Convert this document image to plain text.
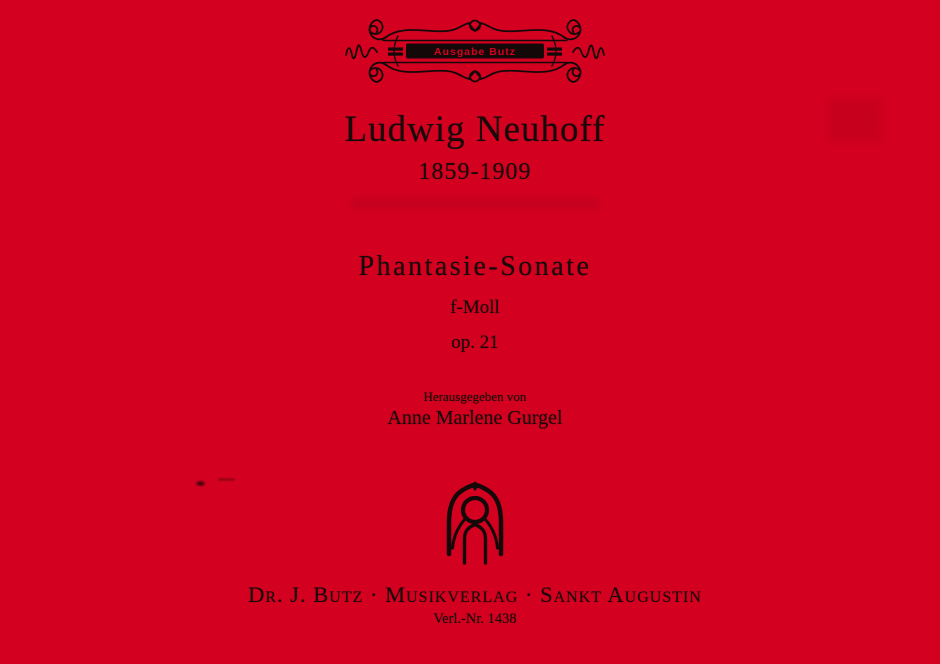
Ausgabe Butz
Ludwig Neuhoff
1859-1909
Phantasie-Sonate
f-Moll
op. 21
Herausgegeben von
Anne Marlene Gurgel
Dr. J. Butz · Musikverlag · Sankt Augustin
Verl.-Nr. 1438
